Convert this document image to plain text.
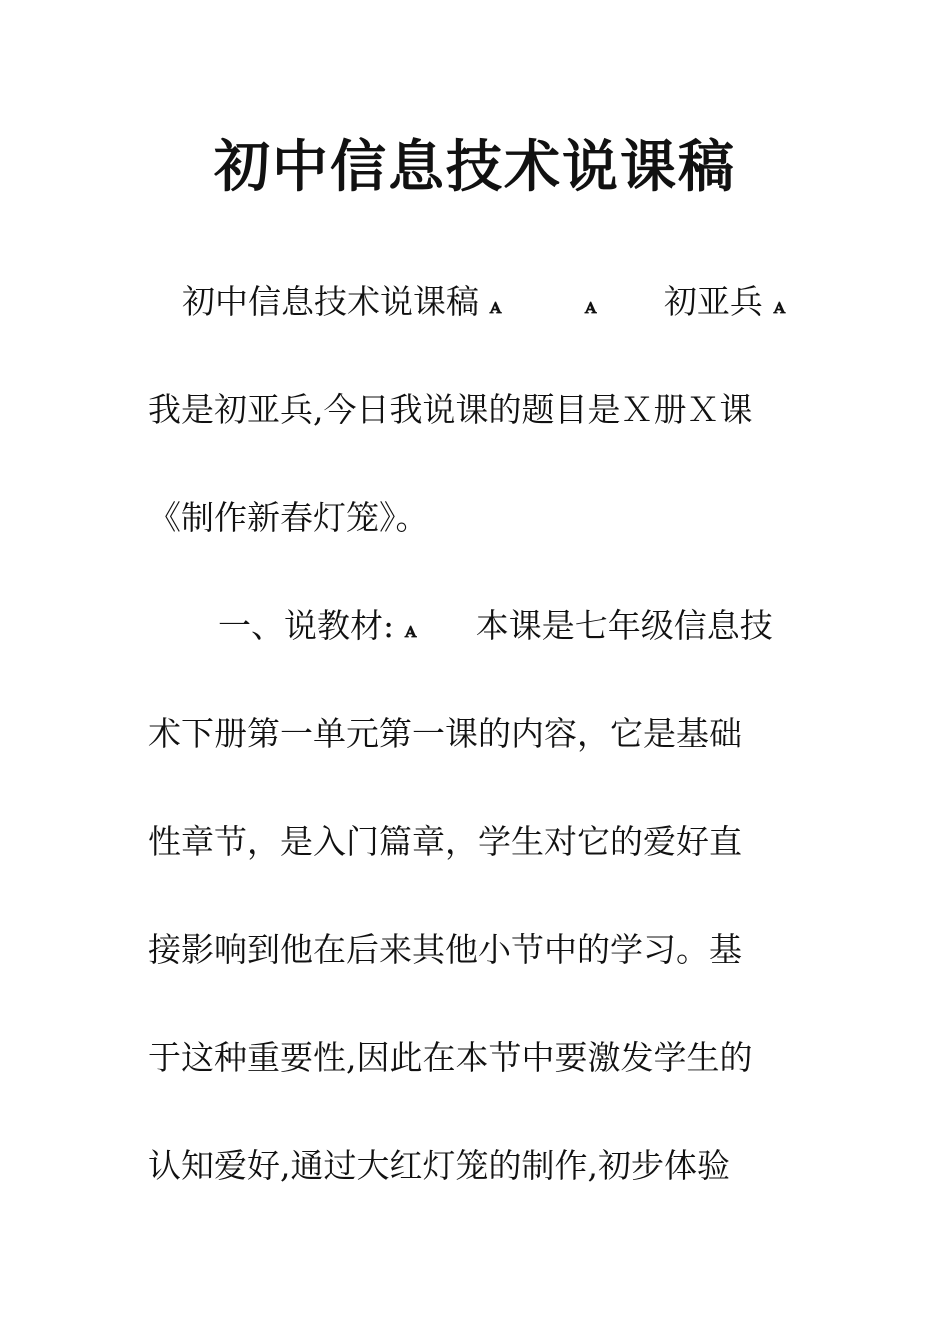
初中信息技术说课稿

初中信息技术说课稿 ꭺ	ꭺ 初亚兵 ꭺ

我是初亚兵,今日我说课的题目是Ｘ册Ｘ课

《制作新春灯笼》。

一、说教材: ꭺ 本课是七年级信息技

术下册第一单元第一课的内容，它是基础

性章节，是入门篇章，学生对它的爱好直

接影响到他在后来其他小节中的学习。基

于这种重要性,因此在本节中要激发学生的

认知爱好,通过大红灯笼的制作,初步体验
